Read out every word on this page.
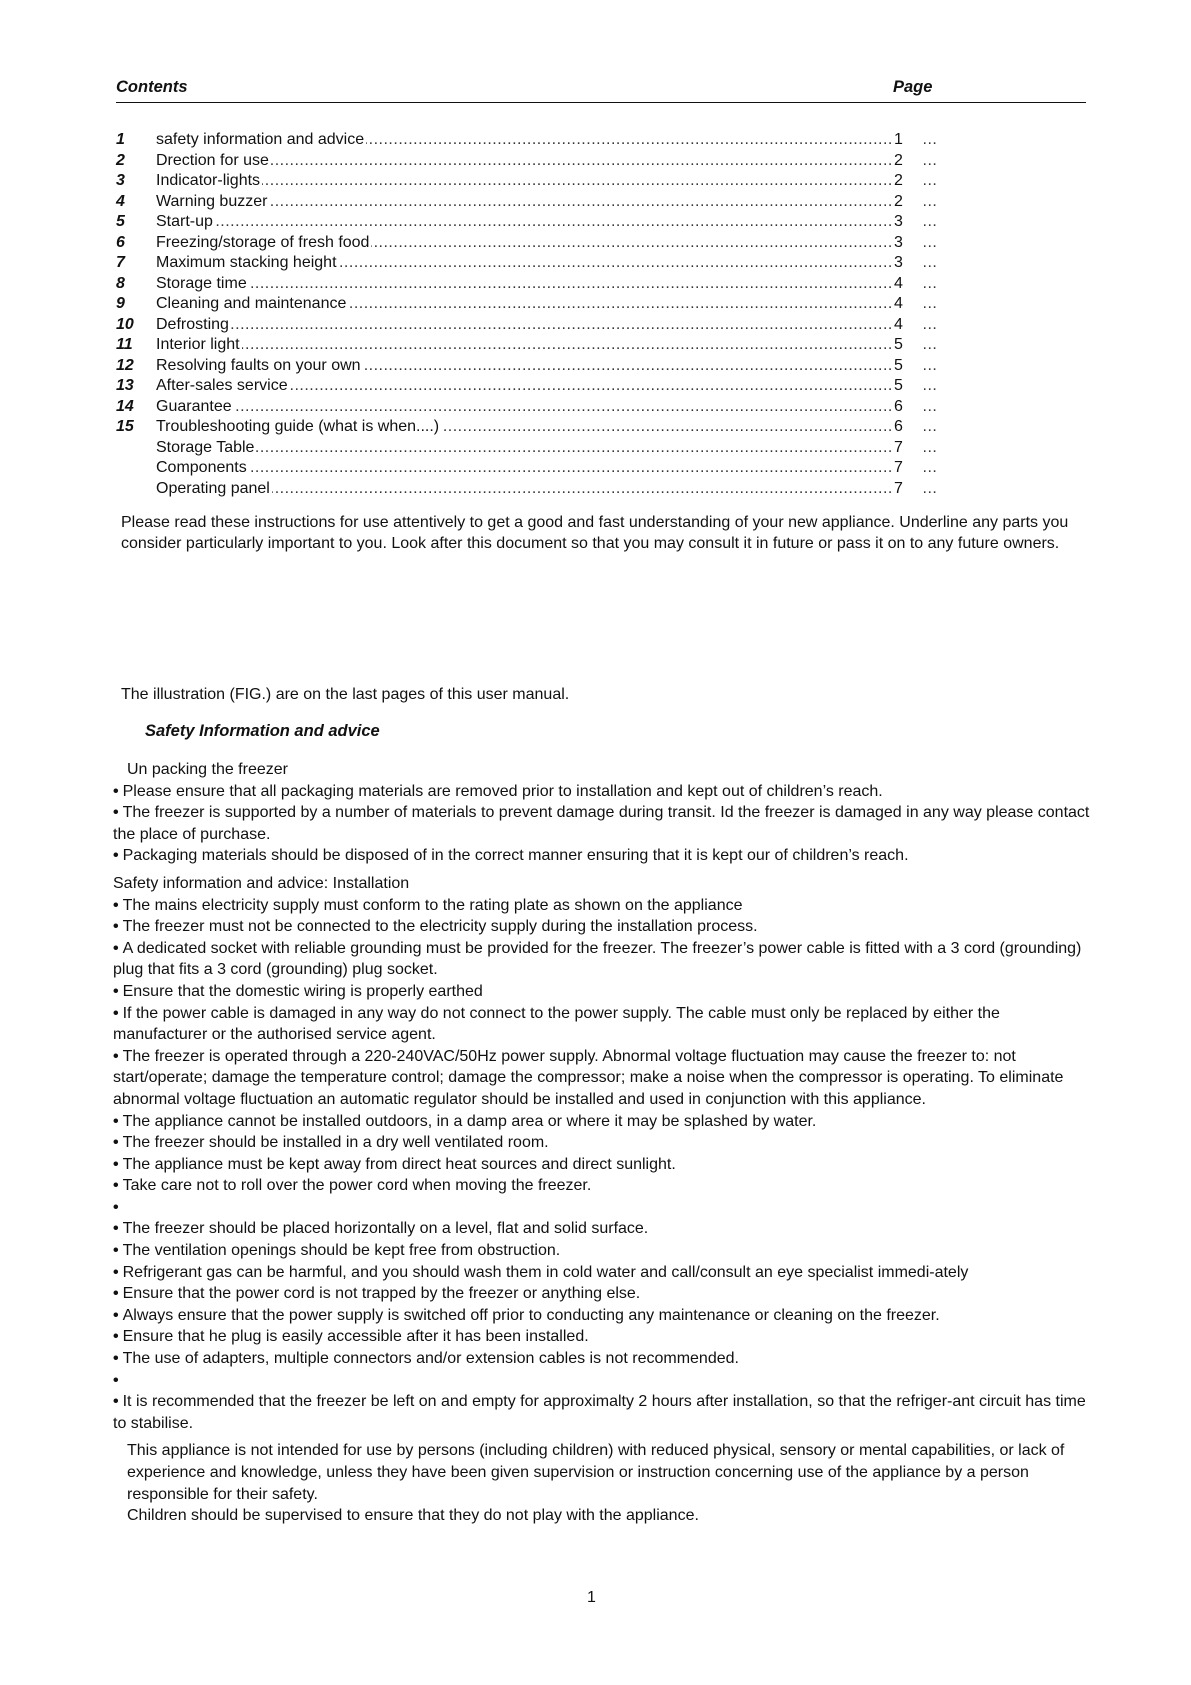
Contents	Page
1	safety information and advice .....	1
2	Drection for use .....	2
3	Indicator-lights .....	2
4	Warning buzzer .....	2
5	Start-up .....	3
6	Freezing/storage of fresh food .....	3
7	Maximum stacking height .....	3
8	Storage time .....	4
9	Cleaning and maintenance .....	4
10	Defrosting .....	4
11	Interior light .....	5
12	Resolving faults on your own .....	5
13	After-sales service .....	5
14	Guarantee .....	6
15	Troubleshooting guide (what is when....) .....	6
Storage Table .....	7
Components .....	7
Operating panel .....	7

Please read these instructions for use attentively to get a good and fast understanding of your new appliance. Underline any parts you consider particularly important to you. Look after this document so that you may consult it in future or pass it on to any future owners.

The illustration (FIG.) are on the last pages of this user manual.

Safety Information and advice

Un packing the freezer

• Please ensure that all packaging materials are removed prior to installation and kept out of children’s reach.

• The freezer is supported by a number of materials to prevent damage during transit. Id the freezer is damaged in any way please contact the place of purchase.

• Packaging materials should be disposed of in the correct manner ensuring that it is kept our of children’s reach.

Safety information and advice: Installation

• The mains electricity supply must conform to the rating plate as shown on the appliance

• The freezer must not be connected to the electricity supply during the installation process.

• A dedicated socket with reliable grounding must be provided for the freezer. The freezer’s power cable is fitted with a 3 cord (grounding) plug that fits a 3 cord (grounding) plug socket.

• Ensure that the domestic wiring is properly earthed

• If the power cable is damaged in any way do not connect to the power supply. The cable must only be replaced by either the manufacturer or the authorised service agent.

• The freezer is operated through a 220-240VAC/50Hz power supply. Abnormal voltage fluctuation may cause the freezer to: not start/operate; damage the temperature control; damage the compressor; make a noise when the compressor is operating. To eliminate abnormal voltage fluctuation an automatic regulator should be installed and used in conjunction with this appliance.

• The appliance cannot be installed outdoors, in a damp area or where it may be splashed by water.

• The freezer should be installed in a dry well ventilated room.

• The appliance must be kept away from direct heat sources and direct sunlight.

• Take care not to roll over the power cord when moving the freezer.

•

• The freezer should be placed horizontally on a level, flat and solid surface.

• The ventilation openings should be kept free from obstruction.

• Refrigerant gas can be harmful, and you should wash them in cold water and call/consult an eye specialist immedi-ately

• Ensure that the power cord is not trapped by the freezer or anything else.

• Always ensure that the power supply is switched off prior to conducting any maintenance or cleaning on the freezer.

• Ensure that he plug is easily accessible after it has been installed.

• The use of adapters, multiple connectors and/or extension cables is not recommended.

•

• It is recommended that the freezer be left on and empty for approximalty 2 hours after installation, so that the refriger-ant circuit has time to stabilise.

This appliance is not intended for use by persons (including children) with reduced physical, sensory or mental capabilities, or lack of experience and knowledge, unless they have been given supervision or instruction concerning use of the appliance by a person responsible for their safety.

Children should be supervised to ensure that they do not play with the appliance.

1
